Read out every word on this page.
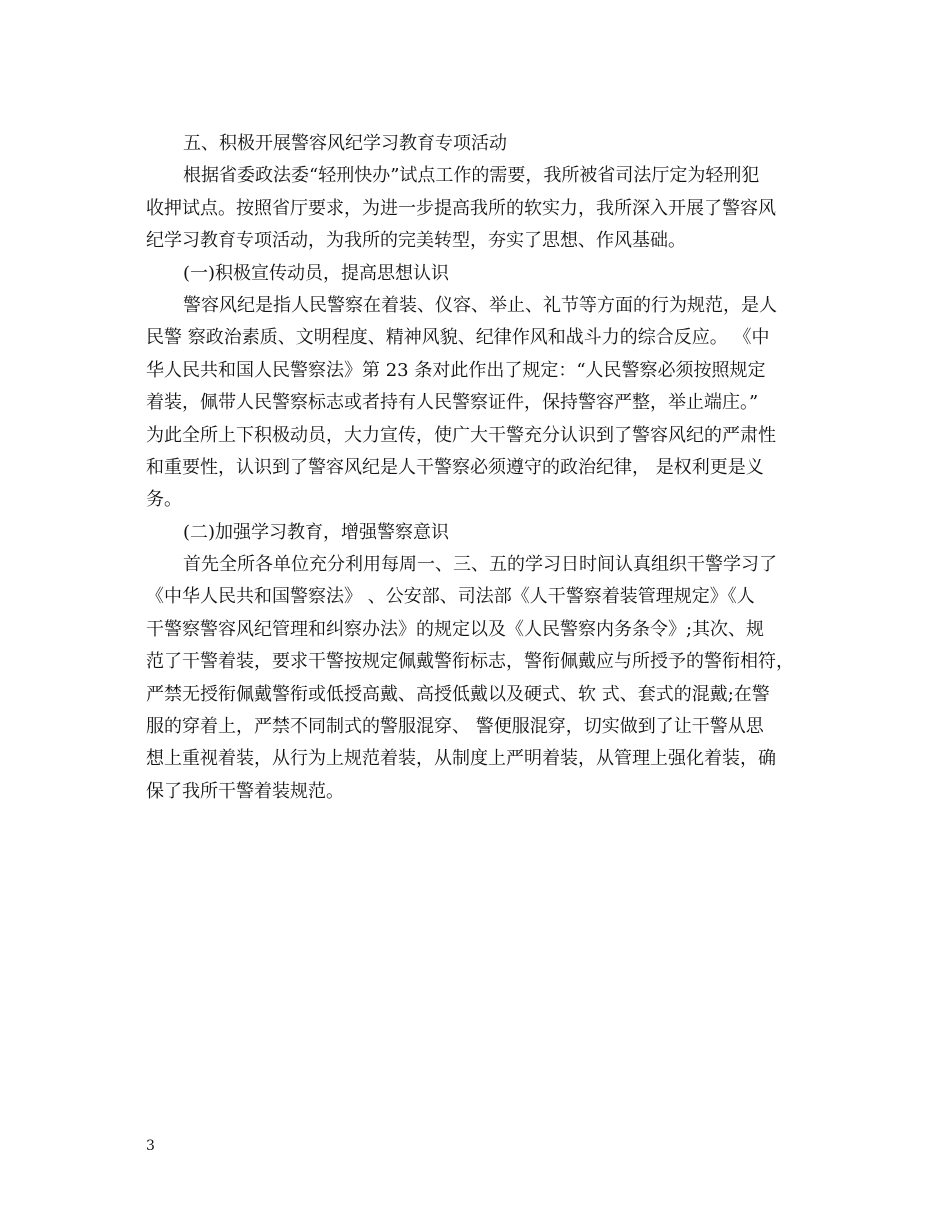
五、积极开展警容风纪学习教育专项活动
根据省委政法委“轻刑快办”试点工作的需要，我所被省司法厅定为轻刑犯
收押试点。按照省厅要求，为进一步提高我所的软实力，我所深入开展了警容风
纪学习教育专项活动，为我所的完美转型，夯实了思想、作风基础。
(一)积极宣传动员，提高思想认识
警容风纪是指人民警察在着装、仪容、举止、礼节等方面的行为规范，是人
民警 察政治素质、文明程度、精神风貌、纪律作风和战斗力的综合反应。 《中
华人民共和国人民警察法》第 23 条对此作出了规定：“人民警察必须按照规定
着装，佩带人民警察标志或者持有人民警察证件，保持警容严整，举止端庄。”
为此全所上下积极动员，大力宣传，使广大干警充分认识到了警容风纪的严肃性
和重要性，认识到了警容风纪是人干警察必须遵守的政治纪律， 是权利更是义
务。
(二)加强学习教育，增强警察意识
首先全所各单位充分利用每周一、三、五的学习日时间认真组织干警学习了
《中华人民共和国警察法》 、公安部、司法部《人干警察着装管理规定》《人
干警察警容风纪管理和纠察办法》的规定以及《人民警察内务条令》;其次、规
范了干警着装，要求干警按规定佩戴警衔标志，警衔佩戴应与所授予的警衔相符，
严禁无授衔佩戴警衔或低授高戴、高授低戴以及硬式、软 式、套式的混戴;在警
服的穿着上，严禁不同制式的警服混穿、 警便服混穿，切实做到了让干警从思
想上重视着装，从行为上规范着装，从制度上严明着装，从管理上强化着装，确
保了我所干警着装规范。
3
